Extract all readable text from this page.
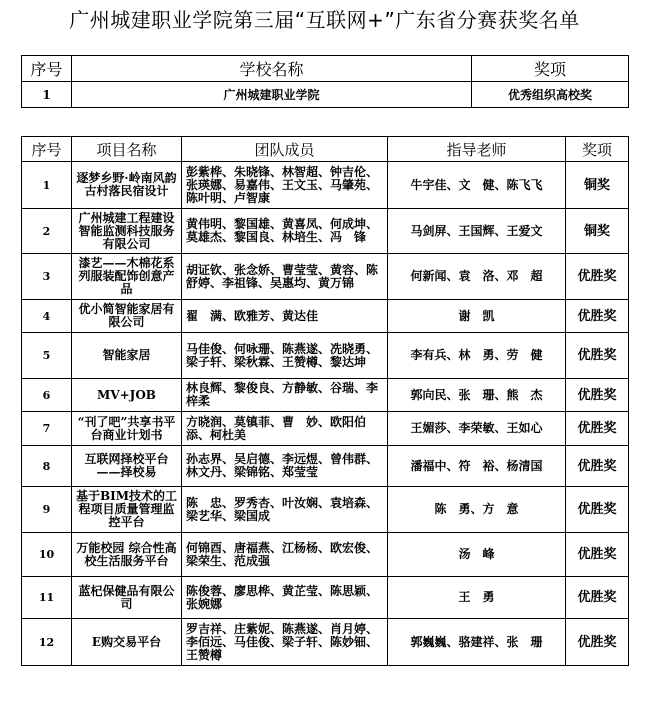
广州城建职业学院第三届“互联网+”广东省分赛获奖名单
序号	学校名称	奖项
1	广州城建职业学院	优秀组织高校奖
序号	项目名称	团队成员	指导老师	奖项
1	逐梦乡野·岭南风韵古村落民宿设计	彭紫桦、朱晓锋、林智超、钟吉伦、张瑛娜、易嘉伟、王文玉、马肇苑、陈叶明、卢智康	牛宇佳、文　健、陈飞飞	铜奖
2	广州城建工程建设智能监测科技服务有限公司	黄伟明、黎国雄、黄喜凤、何成坤、莫雄杰、黎国良、林培生、冯　锋	马剑屏、王国辉、王爱文	铜奖
3	漆艺——木棉花系列服装配饰创意产品	胡证钦、张念娇、曹莹莹、黄容、陈舒婷、李祖锋、吴惠均、黄万锦	何新闻、袁　洛、邓　超	优胜奖
4	优小简智能家居有限公司	翟　满、欧雅芳、黄达佳	谢　凯	优胜奖
5	智能家居	马佳俊、何咏珊、陈燕遂、冼晓勇、梁子轩、梁秋霖、王赞樽、黎达坤	李有兵、林　勇、劳　健	优胜奖
6	MV+JOB	林良辉、黎俊良、方静敏、谷瑞、李梓柔	郭向民、张　珊、熊　杰	优胜奖
7	“刊了吧”共享书平台商业计划书	方晓润、莫镇菲、曹　妙、欧阳伯添、柯杜美	王媚莎、李荣敏、王如心	优胜奖
8	互联网择校平台——择校易	孙志界、吴启德、李远煜、曾伟群、林文丹、梁锦铭、郑莹莹	潘福中、符　裕、杨清国	优胜奖
9	基于BIM技术的工程项目质量管理监控平台	陈　忠、罗秀杏、叶汝娴、袁培森、梁艺华、梁国成	陈　勇、方　意	优胜奖
10	万能校园 综合性高校生活服务平台	何锦酉、唐福燕、江杨杨、欧宏俊、梁荣生、范成强	汤　峰	优胜奖
11	蓝杞保健品有限公司	陈俊蓉、廖思桦、黄芷莹、陈思颖、张婉娜	王　勇	优胜奖
12	E购交易平台	罗吉祥、庄紫妮、陈燕遂、肖月婷、李佰远、马佳俊、梁子轩、陈妙钿、王赞樽	郭巍巍、骆建祥、张　珊	优胜奖
